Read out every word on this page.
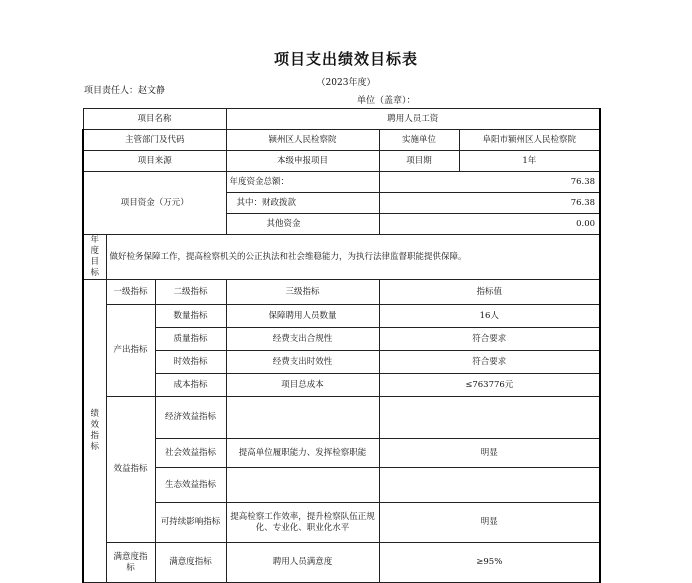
项目支出绩效目标表
（2023年度）
项目责任人：赵文静
单位（盖章）：
项目名称			聘用人员工资		
主管部门及代码			颍州区人民检察院	实施单位	阜阳市颍州区人民检察院
项目来源			本级申报项目	项目期	1年
项目资金（万元）			年度资金总额：	76.38	
			其中：财政拨款	76.38	
			其他资金	0.00	
年度目标	做好检务保障工作，提高检察机关的公正执法和社会维稳能力，为执行法律监督职能提供保障。				
绩效指标	一级指标	二级指标	三级指标	指标值	
	产出指标	数量指标	保障聘用人员数量	16人	
		质量指标	经费支出合规性	符合要求	
		时效指标	经费支出时效性	符合要求	
		成本指标	项目总成本	≤763776元	
	效益指标	经济效益指标			
		社会效益指标	提高单位履职能力、发挥检察职能	明显	
		生态效益指标			
		可持续影响指标	提高检察工作效率，提升检察队伍正规化、专业化、职业化水平	明显	
	满意度指标	满意度指标	聘用人员满意度	≥95%	
